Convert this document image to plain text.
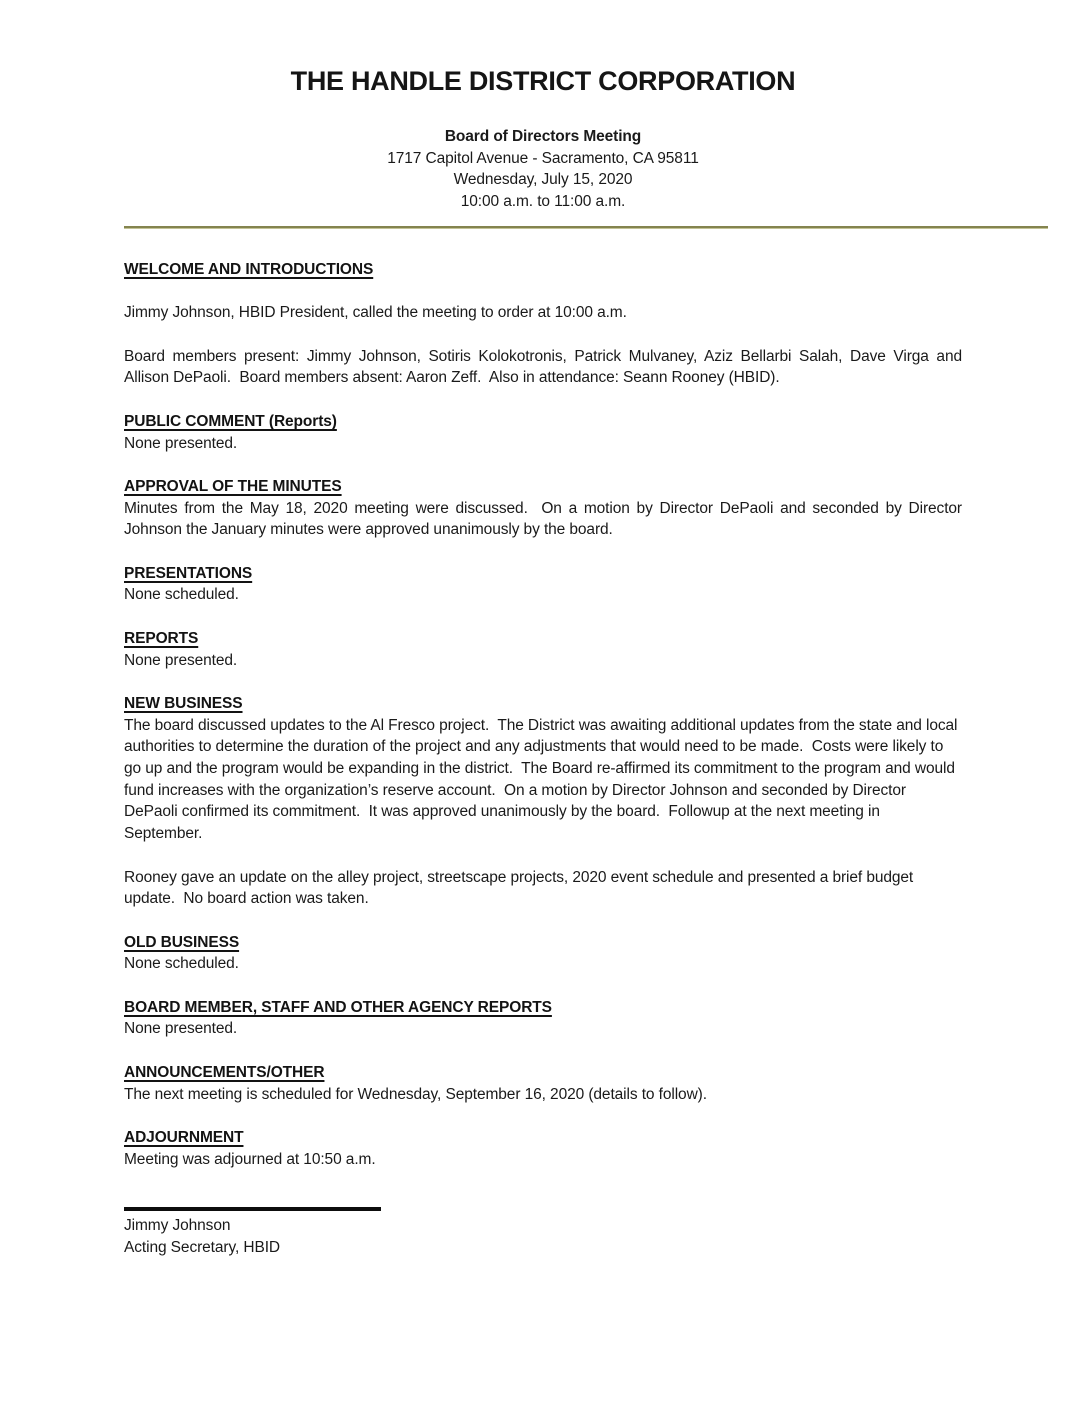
THE HANDLE DISTRICT CORPORATION
Board of Directors Meeting
1717 Capitol Avenue - Sacramento, CA 95811
Wednesday, July 15, 2020
10:00 a.m. to 11:00 a.m.
WELCOME AND INTRODUCTIONS

Jimmy Johnson, HBID President, called the meeting to order at 10:00 a.m.

Board members present: Jimmy Johnson, Sotiris Kolokotronis, Patrick Mulvaney, Aziz Bellarbi Salah, Dave Virga and Allison DePaoli.  Board members absent: Aaron Zeff.  Also in attendance: Seann Rooney (HBID).

PUBLIC COMMENT (Reports)

None presented.

APPROVAL OF THE MINUTES

Minutes from the May 18, 2020 meeting were discussed.  On a motion by Director DePaoli and seconded by Director Johnson the January minutes were approved unanimously by the board.

PRESENTATIONS

None scheduled.

REPORTS

None presented.

NEW BUSINESS

The board discussed updates to the Al Fresco project.  The District was awaiting additional updates from the state and local authorities to determine the duration of the project and any adjustments that would need to be made.  Costs were likely to go up and the program would be expanding in the district.  The Board re-affirmed its commitment to the program and would fund increases with the organization’s reserve account.  On a motion by Director Johnson and seconded by Director DePaoli confirmed its commitment.  It was approved unanimously by the board.  Followup at the next meeting in September.

Rooney gave an update on the alley project, streetscape projects, 2020 event schedule and presented a brief budget update.  No board action was taken.

OLD BUSINESS

None scheduled.

BOARD MEMBER, STAFF AND OTHER AGENCY REPORTS

None presented.

ANNOUNCEMENTS/OTHER

The next meeting is scheduled for Wednesday, September 16, 2020 (details to follow).

ADJOURNMENT

Meeting was adjourned at 10:50 a.m.

Jimmy Johnson
Acting Secretary, HBID
